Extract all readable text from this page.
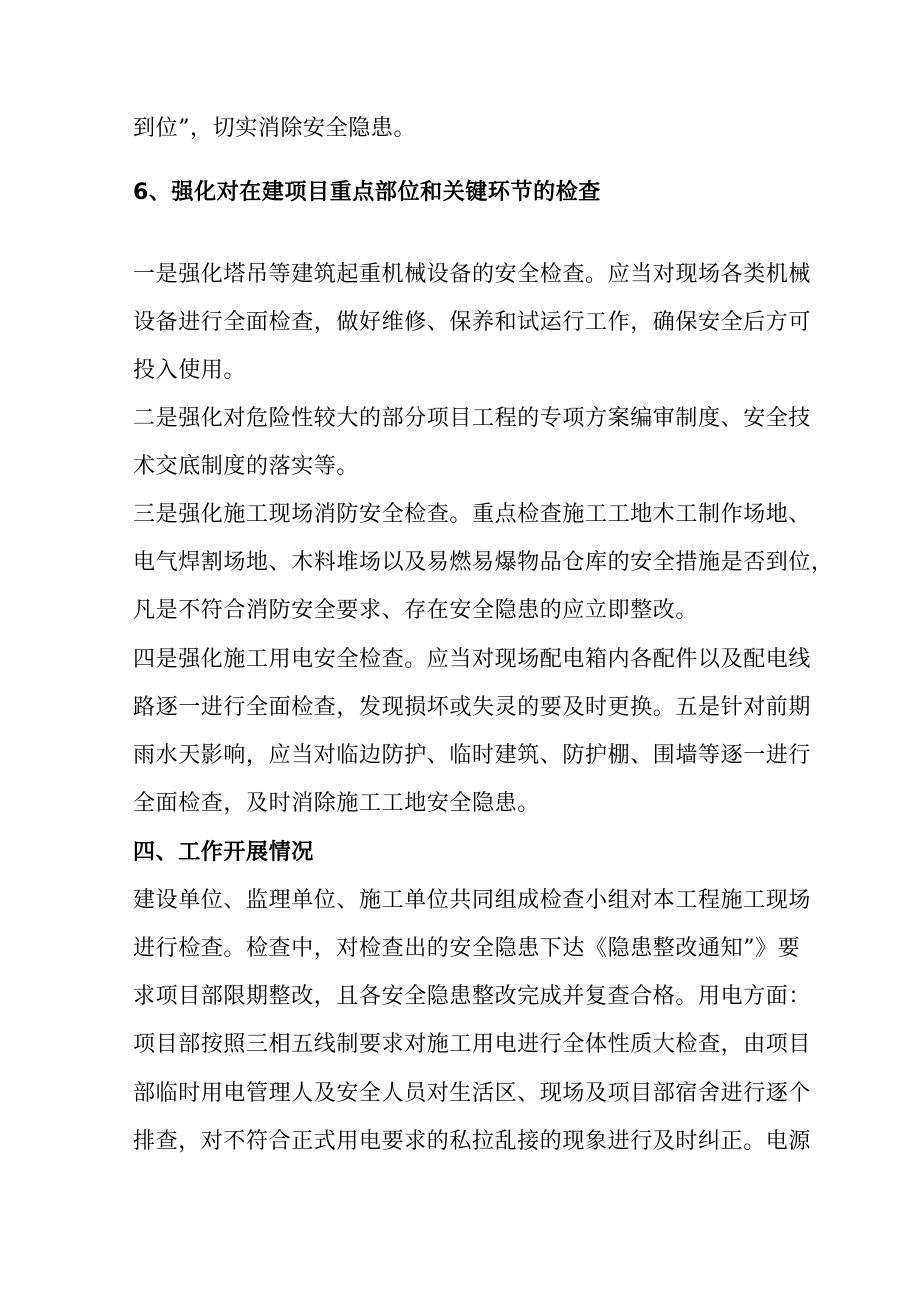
到位”，切实消除安全隐患。
6、强化对在建项目重点部位和关键环节的检查
一是强化塔吊等建筑起重机械设备的安全检查。应当对现场各类机械
设备进行全面检查，做好维修、保养和试运行工作，确保安全后方可
投入使用。
二是强化对危险性较大的部分项目工程的专项方案编审制度、安全技
术交底制度的落实等。
三是强化施工现场消防安全检查。重点检查施工工地木工制作场地、
电气焊割场地、木料堆场以及易燃易爆物品仓库的安全措施是否到位，
凡是不符合消防安全要求、存在安全隐患的应立即整改。
四是强化施工用电安全检查。应当对现场配电箱内各配件以及配电线
路逐一进行全面检查，发现损坏或失灵的要及时更换。五是针对前期
雨水天影响，应当对临边防护、临时建筑、防护棚、围墙等逐一进行
全面检查，及时消除施工工地安全隐患。
四、工作开展情况
建设单位、监理单位、施工单位共同组成检查小组对本工程施工现场
进行检查。检查中，对检查出的安全隐患下达《隐患整改通知”》要
求项目部限期整改，且各安全隐患整改完成并复查合格。用电方面：
项目部按照三相五线制要求对施工用电进行全体性质大检查，由项目
部临时用电管理人及安全人员对生活区、现场及项目部宿舍进行逐个
排查，对不符合正式用电要求的私拉乱接的现象进行及时纠正。电源
